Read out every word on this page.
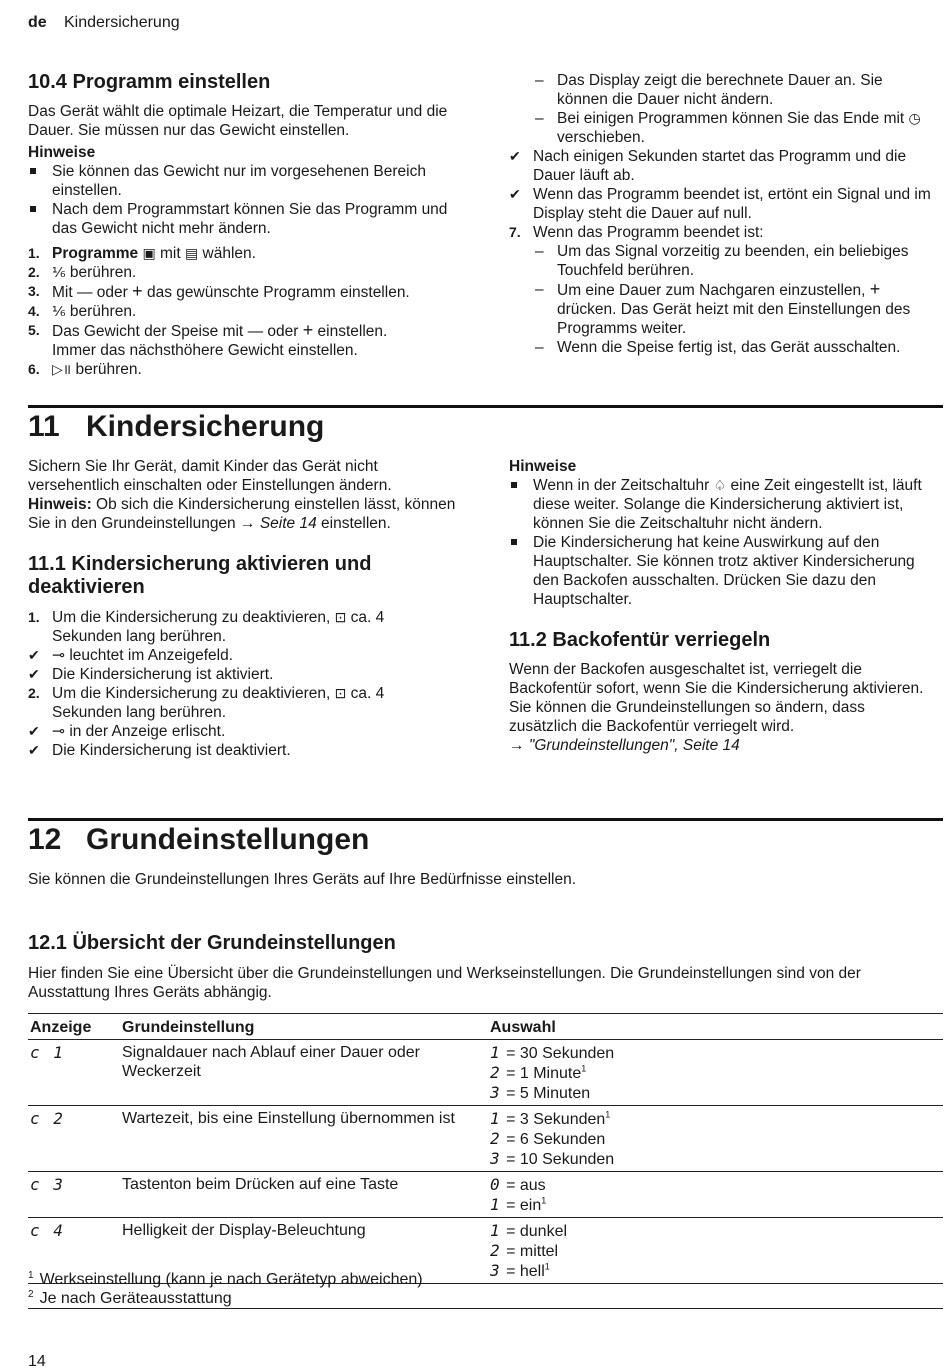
de Kindersicherung
10.4 Programm einstellen

Das Gerät wählt die optimale Heizart, die Temperatur und die Dauer. Sie müssen nur das Gewicht einstellen.

Hinweise

Sie können das Gewicht nur im vorgesehenen Bereich einstellen.
Nach dem Programmstart können Sie das Programm und das Gewicht nicht mehr ändern.
1. Programme ▣ mit ▤ wählen.
2. ⅙ berühren.
3. Mit — oder + das gewünschte Programm einstellen.
4. ⅙ berühren.
5. Das Gewicht der Speise mit — oder + einstellen.
Immer das nächsthöhere Gewicht einstellen.
6. ▷॥ berühren.
– Das Display zeigt die berechnete Dauer an. Sie können die Dauer nicht ändern.
– Bei einigen Programmen können Sie das Ende mit ◷ verschieben.
✔ Nach einigen Sekunden startet das Programm und die Dauer läuft ab.
✔ Wenn das Programm beendet ist, ertönt ein Signal und im Display steht die Dauer auf null.
7. Wenn das Programm beendet ist:
– Um das Signal vorzeitig zu beenden, ein beliebiges Touchfeld berühren.
– Um eine Dauer zum Nachgaren einzustellen, + drücken. Das Gerät heizt mit den Einstellungen des Programms weiter.
– Wenn die Speise fertig ist, das Gerät ausschalten.
11 Kindersicherung

Sichern Sie Ihr Gerät, damit Kinder das Gerät nicht versehentlich einschalten oder Einstellungen ändern.

Hinweis: Ob sich die Kindersicherung einstellen lässt, können Sie in den Grundeinstellungen → Seite 14 einstellen.

11.1 Kindersicherung aktivieren und deaktivieren
1. Um die Kindersicherung zu deaktivieren, ⊡ ca. 4 Sekunden lang berühren.
✔ ⊸ leuchtet im Anzeigefeld.
✔ Die Kindersicherung ist aktiviert.
2. Um die Kindersicherung zu deaktivieren, ⊡ ca. 4 Sekunden lang berühren.
✔ ⊸ in der Anzeige erlischt.
✔ Die Kindersicherung ist deaktiviert.

Hinweise

Wenn in der Zeitschaltuhr ♤ eine Zeit eingestellt ist, läuft diese weiter. Solange die Kindersicherung aktiviert ist, können Sie die Zeitschaltuhr nicht ändern.
Die Kindersicherung hat keine Auswirkung auf den Hauptschalter. Sie können trotz aktiver Kindersicherung den Backofen ausschalten. Drücken Sie dazu den Hauptschalter.
11.2 Backofentür verriegeln

Wenn der Backofen ausgeschaltet ist, verriegelt die Backofentür sofort, wenn Sie die Kindersicherung aktivieren.

Sie können die Grundeinstellungen so ändern, dass zusätzlich die Backofentür verriegelt wird.

→ "Grundeinstellungen", Seite 14

12 Grundeinstellungen

Sie können die Grundeinstellungen Ihres Geräts auf Ihre Bedürfnisse einstellen.

12.1 Übersicht der Grundeinstellungen

Hier finden Sie eine Übersicht über die Grundeinstellungen und Werkseinstellungen. Die Grundeinstellungen sind von der Ausstattung Ihres Geräts abhängig.

Anzeige	Grundeinstellung	Auswahl
c 1	Signaldauer nach Ablauf einer Dauer oder Weckerzeit	1 = 30 Sekunden
2 = 1 Minute$^1$
3 = 5 Minuten

c 2	Wartezeit, bis eine Einstellung übernommen ist	1 = 3 Sekunden$^1$
2 = 6 Sekunden
3 = 10 Sekunden

c 3	Tastenton beim Drücken auf eine Taste	0 = aus
1 = ein$^1$

c 4	Helligkeit der Display-Beleuchtung	1 = dunkel
2 = mittel
3 = hell$^1$
$^1$ Werkseinstellung (kann je nach Gerätetyp abweichen)
$^2$ Je nach Geräteausstattung
14
